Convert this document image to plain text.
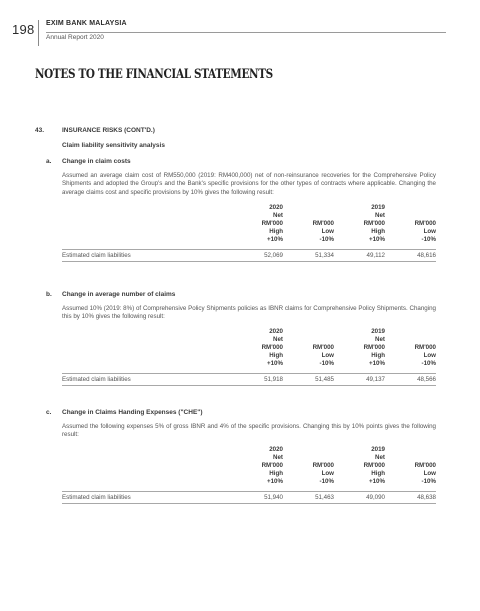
198 EXIM BANK MALAYSIA
Annual Report 2020
NOTES TO THE FINANCIAL STATEMENTS
43.	INSURANCE RISKS (CONT'D.)
Claim liability sensitivity analysis
a. Change in claim costs
Assumed an average claim cost of RM550,000 (2019: RM400,000) net of non-reinsurance recoveries for the Comprehensive Policy Shipments and adopted the Group's and the Bank's specific provisions for the other types of contracts where applicable. Changing the average claims cost and specific provisions by 10% gives the following result:
	2020		2019	
	Net		Net	
	RM'000	RM'000	RM'000	RM'000
	High	Low	High	Low
	+10%	-10%	+10%	-10%

Estimated claim liabilities	52,069	51,334	49,112	48,616
b. Change in average number of claims
Assumed 10% (2019: 8%) of Comprehensive Policy Shipments policies as IBNR claims for Comprehensive Policy Shipments. Changing this by 10% gives the following result:
	2020		2019	
	Net		Net	
	RM'000	RM'000	RM'000	RM'000
	High	Low	High	Low
	+10%	-10%	+10%	-10%

Estimated claim liabilities	51,918	51,485	49,137	48,566
c. Change in Claims Handing Expenses ("CHE")
Assumed the following expenses 5% of gross IBNR and 4% of the specific provisions. Changing this by 10% points gives the following result:
	2020		2019	
	Net		Net	
	RM'000	RM'000	RM'000	RM'000
	High	Low	High	Low
	+10%	-10%	+10%	-10%

Estimated claim liabilities	51,940	51,463	49,090	48,638
